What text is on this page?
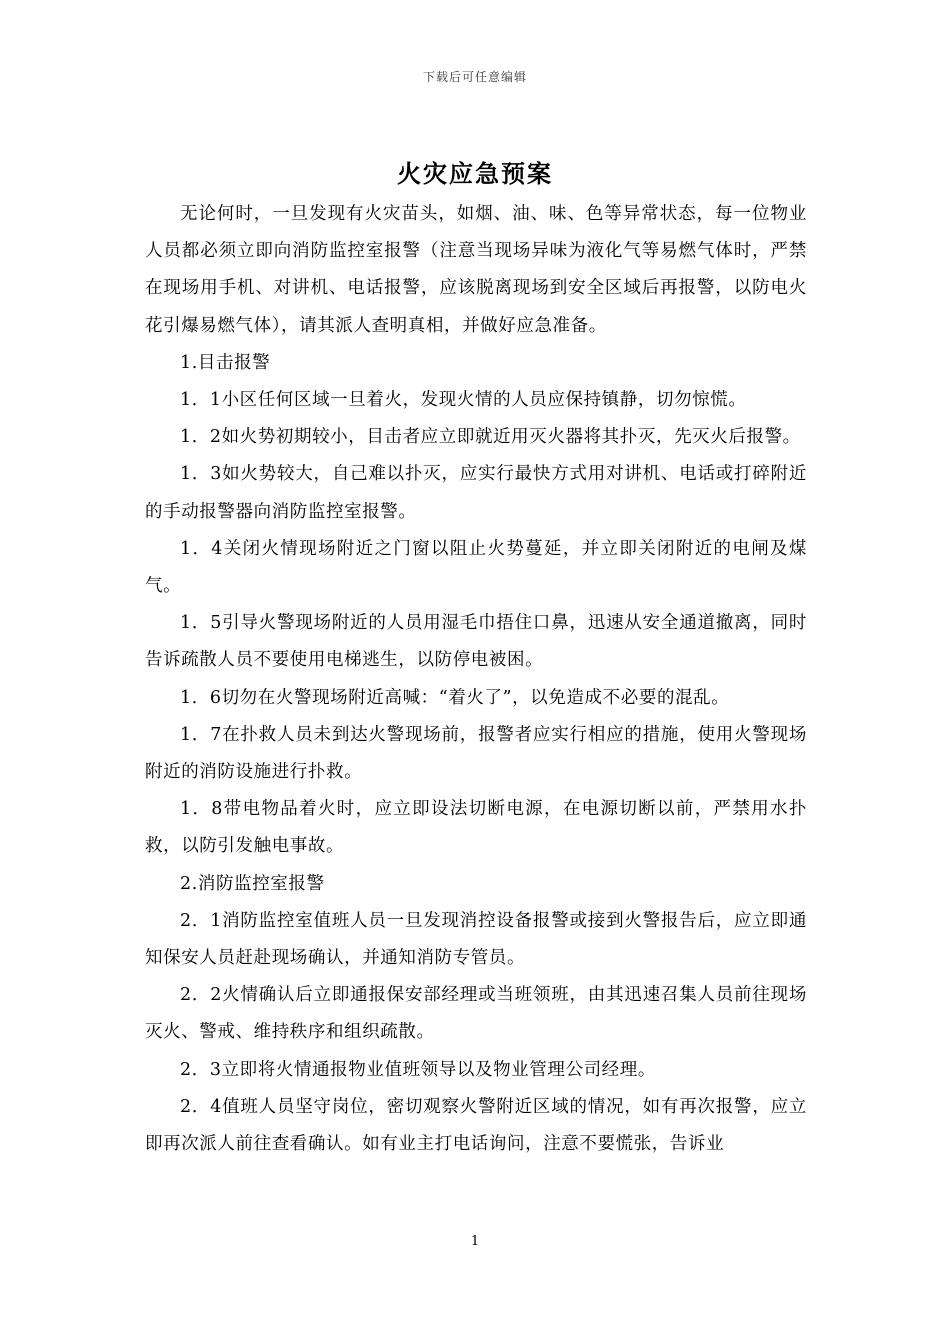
下载后可任意编辑
火灾应急预案

无论何时，一旦发现有火灾苗头，如烟、油、味、色等异常状态，每一位物业人员都必须立即向消防监控室报警（注意当现场异味为液化气等易燃气体时，严禁在现场用手机、对讲机、电话报警，应该脱离现场到安全区域后再报警，以防电火花引爆易燃气体），请其派人查明真相，并做好应急准备。

1.目击报警

1．1小区任何区域一旦着火，发现火情的人员应保持镇静，切勿惊慌。

1．2如火势初期较小，目击者应立即就近用灭火器将其扑灭，先灭火后报警。

1．3如火势较大，自己难以扑灭，应实行最快方式用对讲机、电话或打碎附近的手动报警器向消防监控室报警。

1．4关闭火情现场附近之门窗以阻止火势蔓延，并立即关闭附近的电闸及煤气。

1．5引导火警现场附近的人员用湿毛巾捂住口鼻，迅速从安全通道撤离，同时告诉疏散人员不要使用电梯逃生，以防停电被困。

1．6切勿在火警现场附近高喊：“着火了”，以免造成不必要的混乱。

1．7在扑救人员未到达火警现场前，报警者应实行相应的措施，使用火警现场附近的消防设施进行扑救。

1．8带电物品着火时，应立即设法切断电源，在电源切断以前，严禁用水扑救，以防引发触电事故。

2.消防监控室报警

2．1消防监控室值班人员一旦发现消控设备报警或接到火警报告后，应立即通知保安人员赶赴现场确认，并通知消防专管员。

2．2火情确认后立即通报保安部经理或当班领班，由其迅速召集人员前往现场灭火、警戒、维持秩序和组织疏散。

2．3立即将火情通报物业值班领导以及物业管理公司经理。

2．4值班人员坚守岗位，密切观察火警附近区域的情况，如有再次报警，应立即再次派人前往查看确认。如有业主打电话询问，注意不要慌张，告诉业

1
